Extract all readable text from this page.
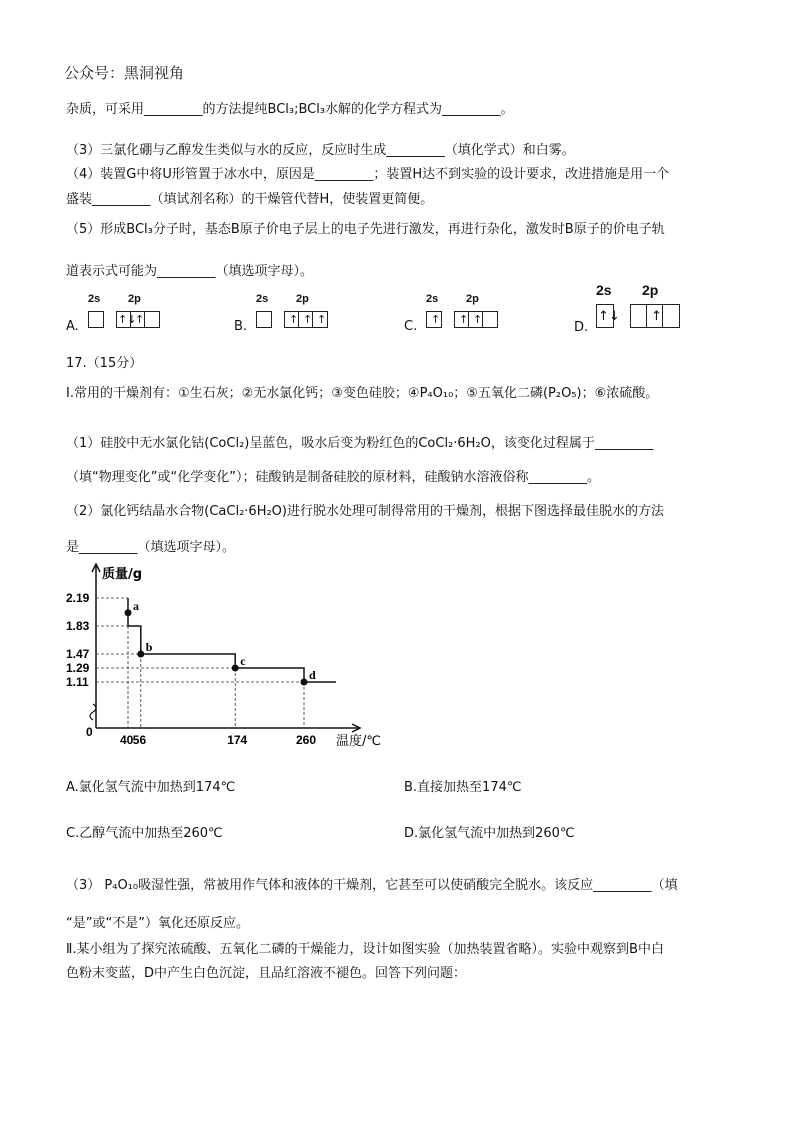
公众号：黑洞视角
杂质，可采用_________的方法提纯BCl₃;BCl₃水解的化学方程式为_________。
（3）三氯化硼与乙醇发生类似与水的反应，反应时生成_________（填化学式）和白雾。
（4）装置G中将U形管置于冰水中，原因是_________；装置H达不到实验的设计要求，改进措施是用一个
盛装_________（填试剂名称）的干燥管代替H，使装置更简便。
（5）形成BCl₃分子时，基态B原子价电子层上的电子先进行激发，再进行杂化，激发时B原子的价电子轨
道表示式可能为_________（填选项字母）。
A.
2s	2p
↑↓
↑	B.
2s	2p
↑ ↑ ↑	C.
2s	2p
↑ ↑ ↑
D.
2s 2p
↑↓ ↑
17.（15分）
Ⅰ.常用的干燥剂有：①生石灰；②无水氯化钙；③变色硅胶；④P₄O₁₀；⑤五氧化二磷(P₂O₅)；⑥浓硫酸。
（1）硅胶中无水氯化钴(CoCl₂)呈蓝色，吸水后变为粉红色的CoCl₂·6H₂O，该变化过程属于_________
（填“物理变化”或“化学变化”）；硅酸钠是制备硅胶的原材料，硅酸钠水溶液俗称_________。
（2）氯化钙结晶水合物(CaCl₂·6H₂O)进行脱水处理可制得常用的干燥剂，根据下图选择最佳脱水的方法
是_________（填选项字母）。
质量/g
温度/℃
0
2.19
1.83
1.47
1.29
1.11
40 56	174	260
a
b
c
d
A.氯化氢气流中加热到174℃	B.直接加热至174℃
C.乙醇气流中加热至260℃	D.氯化氢气流中加热到260℃
（3） P₄O₁₀吸湿性强，常被用作气体和液体的干燥剂，它甚至可以使硝酸完全脱水。该反应_________（填
“是”或“不是”）氧化还原反应。
Ⅱ.某小组为了探究浓硫酸、五氧化二磷的干燥能力，设计如图实验（加热装置省略）。实验中观察到B中白
色粉末变蓝，D中产生白色沉淀，且品红溶液不褪色。回答下列问题：
